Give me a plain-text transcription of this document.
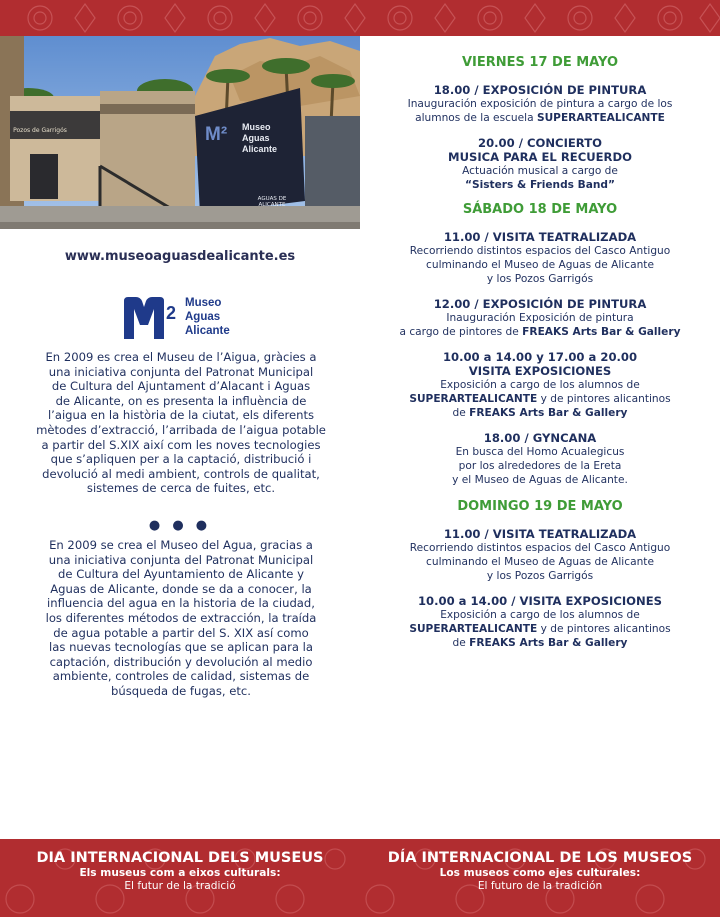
Pozos de Garrigós	M² Museo
Aguas
Alicante
AGUAS DE ALICANTE
www.museoaguasdealicante.es
2 Museo
Aguas
Alicante
En 2009 es crea el Museu de l’Aigua, gràcies a
una iniciativa conjunta del Patronat Municipal
de Cultura del Ajuntament d’Alacant i Aguas
de Alicante, on es presenta la influència de
l’aigua en la història de la ciutat, els diferents
mètodes d’extracció, l’arribada de l’aigua potable
a partir del S.XIX així com les noves tecnologies
que s’apliquen per a la captació, distribució i
devolució al medi ambient, controls de qualitat,
sistemes de cerca de fuites, etc.
● ● ●
En 2009 se crea el Museo del Agua, gracias a
una iniciativa conjunta del Patronat Municipal
de Cultura del Ayuntamiento de Alicante y
Aguas de Alicante, donde se da a conocer, la
influencia del agua en la historia de la ciudad,
los diferentes métodos de extracción, la traída
de agua potable a partir del S. XIX así como
las nuevas tecnologías que se aplican para la
captación, distribución y devolución al medio
ambiente, controles de calidad, sistemas de
búsqueda de fugas, etc.
VIERNES 17 DE MAYO
18.00 / EXPOSICIÓN DE PINTURA
Inauguración exposición de pintura a cargo de los
alumnos de la escuela SUPERARTEALICANTE
20.00 / CONCIERTO
MUSICA PARA EL RECUERDO
Actuación musical a cargo de
“Sisters & Friends Band”
SÁBADO 18 DE MAYO
11.00 / VISITA TEATRALIZADA
Recorriendo distintos espacios del Casco Antiguo
culminando el Museo de Aguas de Alicante
y los Pozos Garrigós
12.00 / EXPOSICIÓN DE PINTURA
Inauguración Exposición de pintura
a cargo de pintores de FREAKS Arts Bar & Gallery
10.00 a 14.00 y 17.00 a 20.00
VISITA EXPOSICIONES
Exposición a cargo de los alumnos de
SUPERARTEALICANTE y de pintores alicantinos
de FREAKS Arts Bar & Gallery
18.00 / GYNCANA
En busca del Homo Acualegicus
por los alrededores de la Ereta
y el Museo de Aguas de Alicante.
DOMINGO 19 DE MAYO
11.00 / VISITA TEATRALIZADA
Recorriendo distintos espacios del Casco Antiguo
culminando el Museo de Aguas de Alicante
y los Pozos Garrigós
10.00 a 14.00 / VISITA EXPOSICIONES
Exposición a cargo de los alumnos de
SUPERARTEALICANTE y de pintores alicantinos
de FREAKS Arts Bar & Gallery
DIA INTERNACIONAL DELS MUSEUS
Els museus com a eixos culturals:
El futur de la tradició
DÍA INTERNACIONAL DE LOS MUSEOS
Los museos como ejes culturales:
El futuro de la tradición
